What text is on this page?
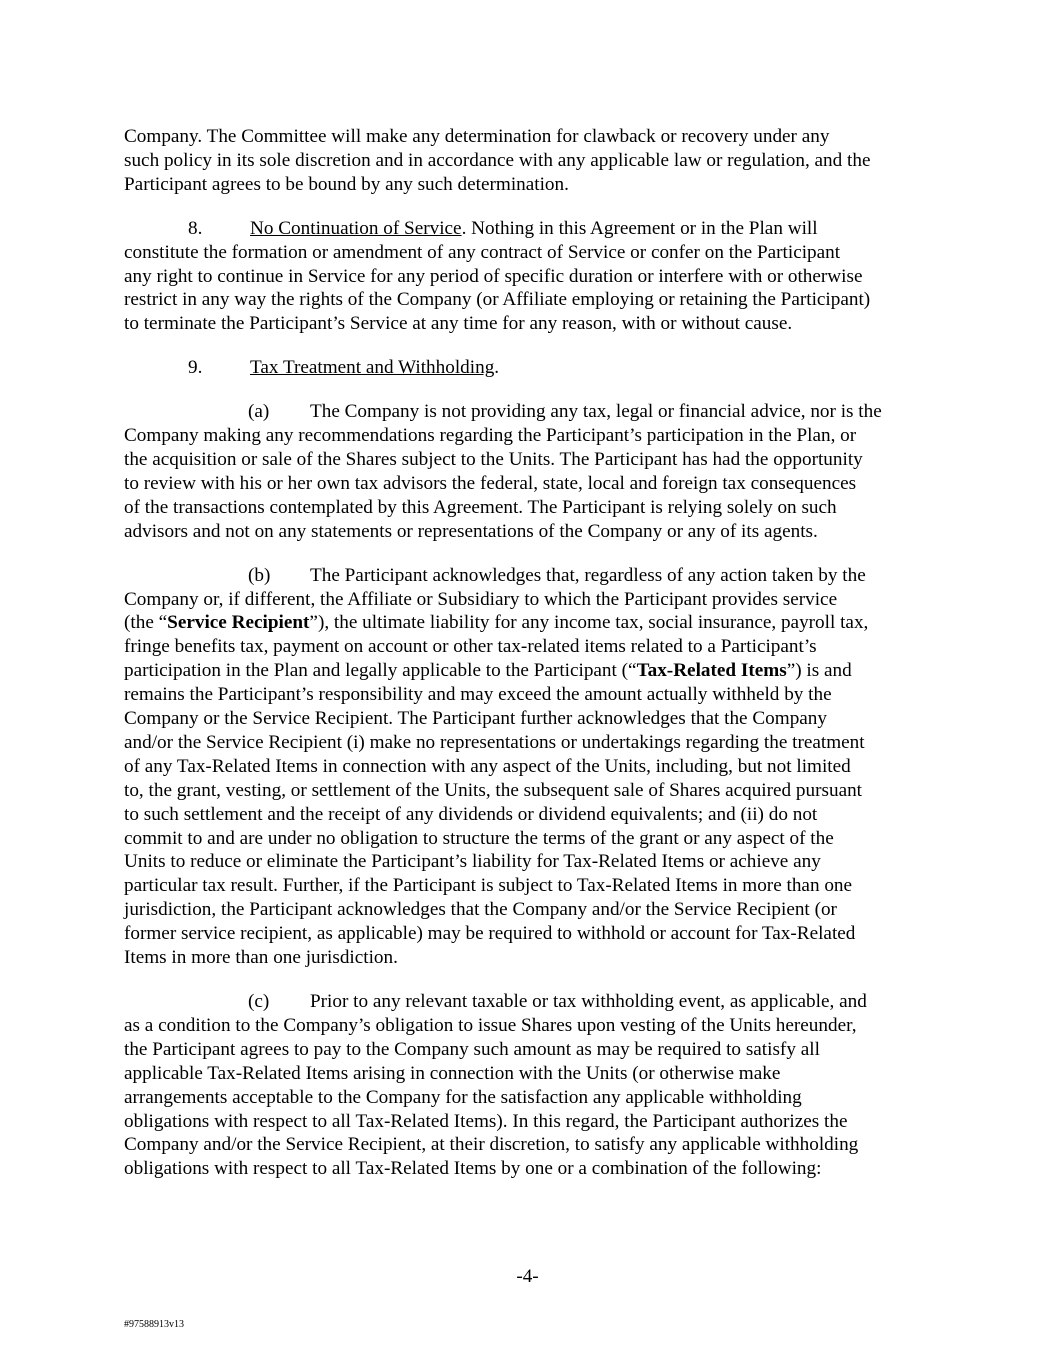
Company. The Committee will make any determination for clawback or recovery under any
such policy in its sole discretion and in accordance with any applicable law or regulation, and the
Participant agrees to be bound by any such determination.

8. No Continuation of Service. Nothing in this Agreement or in the Plan will
constitute the formation or amendment of any contract of Service or confer on the Participant
any right to continue in Service for any period of specific duration or interfere with or otherwise
restrict in any way the rights of the Company (or Affiliate employing or retaining the Participant)
to terminate the Participant’s Service at any time for any reason, with or without cause.

9. Tax Treatment and Withholding.

(a) The Company is not providing any tax, legal or financial advice, nor is the
Company making any recommendations regarding the Participant’s participation in the Plan, or
the acquisition or sale of the Shares subject to the Units. The Participant has had the opportunity
to review with his or her own tax advisors the federal, state, local and foreign tax consequences
of the transactions contemplated by this Agreement. The Participant is relying solely on such
advisors and not on any statements or representations of the Company or any of its agents.

(b) The Participant acknowledges that, regardless of any action taken by the
Company or, if different, the Affiliate or Subsidiary to which the Participant provides service
(the “Service Recipient”), the ultimate liability for any income tax, social insurance, payroll tax,
fringe benefits tax, payment on account or other tax-related items related to a Participant’s
participation in the Plan and legally applicable to the Participant (“Tax-Related Items”) is and
remains the Participant’s responsibility and may exceed the amount actually withheld by the
Company or the Service Recipient. The Participant further acknowledges that the Company
and/or the Service Recipient (i) make no representations or undertakings regarding the treatment
of any Tax-Related Items in connection with any aspect of the Units, including, but not limited
to, the grant, vesting, or settlement of the Units, the subsequent sale of Shares acquired pursuant
to such settlement and the receipt of any dividends or dividend equivalents; and (ii) do not
commit to and are under no obligation to structure the terms of the grant or any aspect of the
Units to reduce or eliminate the Participant’s liability for Tax-Related Items or achieve any
particular tax result. Further, if the Participant is subject to Tax-Related Items in more than one
jurisdiction, the Participant acknowledges that the Company and/or the Service Recipient (or
former service recipient, as applicable) may be required to withhold or account for Tax-Related
Items in more than one jurisdiction.

(c) Prior to any relevant taxable or tax withholding event, as applicable, and
as a condition to the Company’s obligation to issue Shares upon vesting of the Units hereunder,
the Participant agrees to pay to the Company such amount as may be required to satisfy all
applicable Tax-Related Items arising in connection with the Units (or otherwise make
arrangements acceptable to the Company for the satisfaction any applicable withholding
obligations with respect to all Tax-Related Items). In this regard, the Participant authorizes the
Company and/or the Service Recipient, at their discretion, to satisfy any applicable withholding
obligations with respect to all Tax-Related Items by one or a combination of the following:

-4-
#97588913v13
